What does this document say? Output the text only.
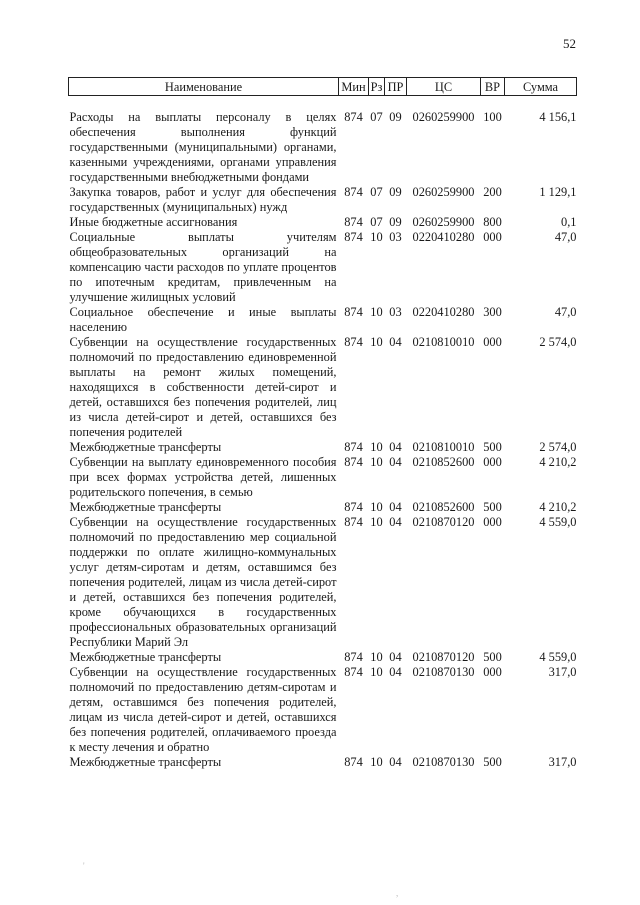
52
Наименование	Мин	Рз	ПР	ЦС	ВР	Сумма
Расходы на выплаты персоналу в целях обеспечения выполнения функций государственными (муниципальными) органами, казенными учреждениями, органами управления государственными внебюджетными фондами	874	07	09	0260259900	100	4 156,1
Закупка товаров, работ и услуг для обеспечения государственных (муниципальных) нужд	874	07	09	0260259900	200	1 129,1
Иные бюджетные ассигнования	874	07	09	0260259900	800	0,1
Социальные выплаты учителям общеобразовательных организаций на компенсацию части расходов по уплате процентов по ипотечным кредитам, привлеченным на улучшение жилищных условий	874	10	03	0220410280	000	47,0
Социальное обеспечение и иные выплаты населению	874	10	03	0220410280	300	47,0
Субвенции на осуществление государственных полномочий по предоставлению единовременной выплаты на ремонт жилых помещений, находящихся в собственности детей-сирот и детей, оставшихся без попечения родителей, лиц из числа детей-сирот и детей, оставшихся без попечения родителей	874	10	04	0210810010	000	2 574,0
Межбюджетные трансферты	874	10	04	0210810010	500	2 574,0
Субвенции на выплату единовременного пособия при всех формах устройства детей, лишенных родительского попечения, в семью	874	10	04	0210852600	000	4 210,2
Межбюджетные трансферты	874	10	04	0210852600	500	4 210,2
Субвенции на осуществление государственных полномочий по предоставлению мер социальной поддержки по оплате жилищно-коммунальных услуг детям-сиротам и детям, оставшимся без попечения родителей, лицам из числа детей-сирот и детей, оставшихся без попечения родителей, кроме обучающихся в государственных профессиональных образовательных организаций Республики Марий Эл	874	10	04	0210870120	000	4 559,0
Межбюджетные трансферты	874	10	04	0210870120	500	4 559,0
Субвенции на осуществление государственных полномочий по предоставлению детям-сиротам и детям, оставшимся без попечения родителей, лицам из числа детей-сирот и детей, оставшихся без попечения родителей, оплачиваемого проезда к месту лечения и обратно	874	10	04	0210870130	000	317,0
Межбюджетные трансферты	874	10	04	0210870130	500	317,0
'
,
